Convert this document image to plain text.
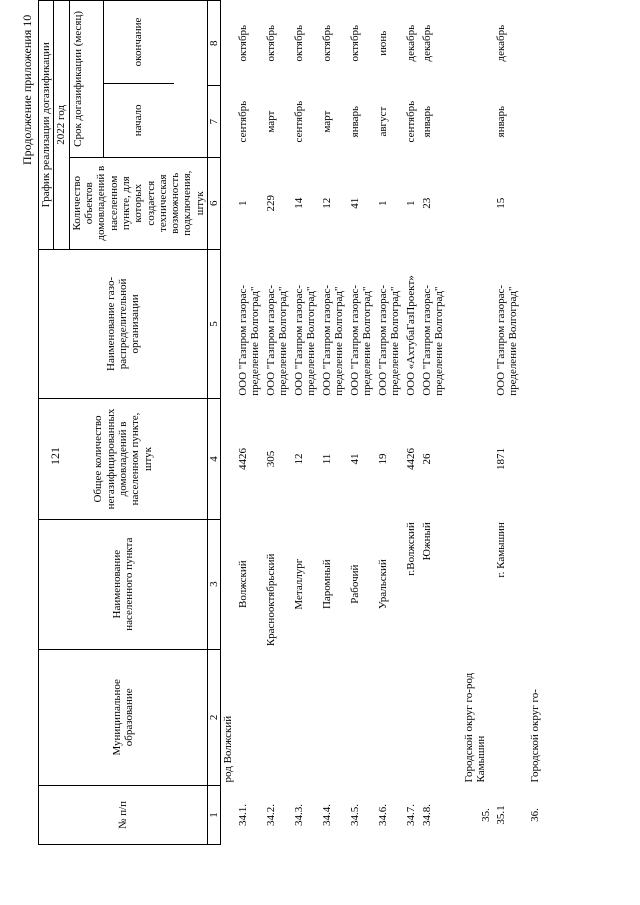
121
Продолжение приложения 10
№ п/п	Муниципальное образование	Наименование населенного пункта	Общее количество негазифицированных домовладений в населенном пункте, штук	Наименование газо-распределительной организации	График реализации догазификации		
					2022 год		
					Количество объектов домовладений в населенном пункте, для которых создается техническая возможность подключения, штук	Срок догазификации (месяц) начало
окончание	

1	2	3	4	5	6	7	8
	род Волжский						
34.1.		Волжский	4426	ООО "Газпром газорас-пределение Волгоград"	1	сентябрь	октябрь
34.2.		Краснооктябрьский	305	ООО "Газпром газорас-пределение Волгоград"	229	март	октябрь
34.3.		Металлург	12	ООО "Газпром газорас-пределение Волгоград"	14	сентябрь	октябрь
34.4.		Паромный	11	ООО "Газпром газорас-пределение Волгоград"	12	март	октябрь
34.5.		Рабочий	41	ООО "Газпром газорас-пределение Волгоград"	41	январь	октябрь
34.6.		Уральский	19	ООО "Газпром газорас-пределение Волгоград"	1	август	июнь
34.7.		г.Волжский	4426	ООО «АхтубаГазПроект»	1	сентябрь	декабрь
34.8.		Южный	26	ООО "Газпром газорас-пределение Волгоград"	23	январь	декабрь
35.	Городской округ го-род Камышин						
35.1		г. Камышин	1871	ООО "Газпром газорас-пределение Волгоград"	15	январь	декабрь
36.	Городской округ го-						
